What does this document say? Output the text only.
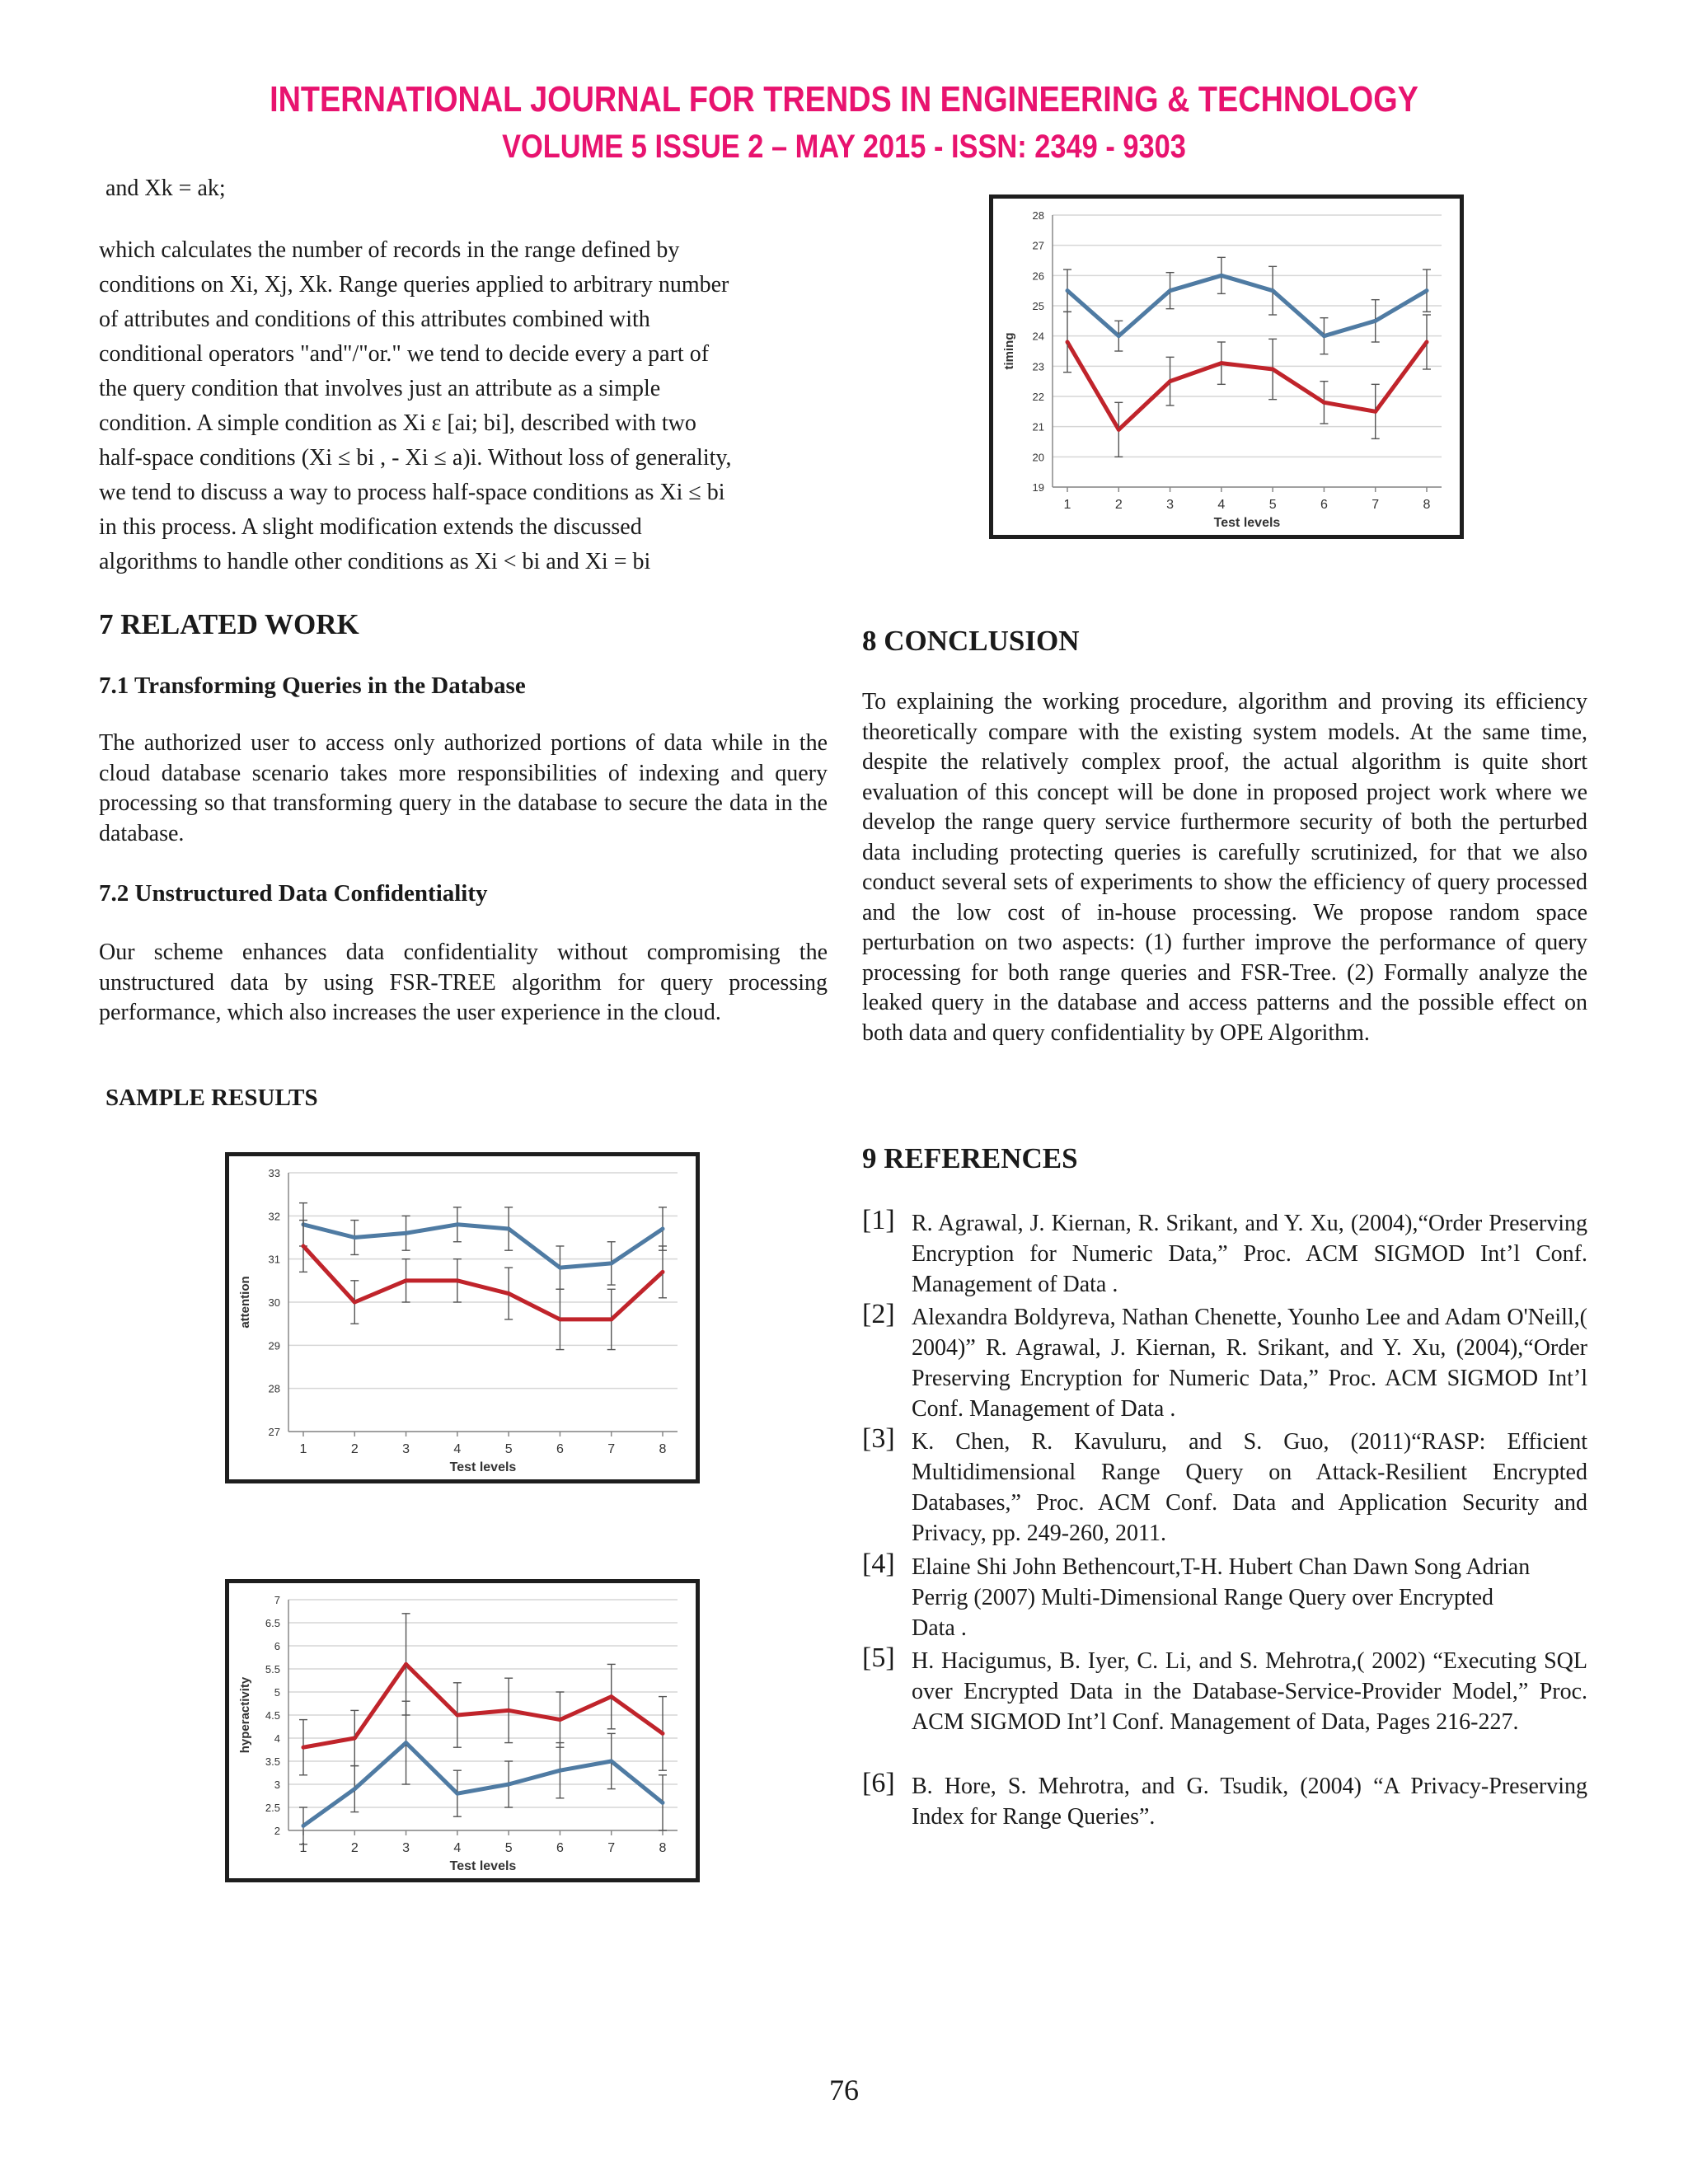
INTERNATIONAL JOURNAL FOR TRENDS IN ENGINEERING & TECHNOLOGY
VOLUME 5 ISSUE 2 – MAY 2015 - ISSN: 2349 - 9303
and Xk = ak;

which calculates the number of records in the range defined by

conditions on Xi, Xj, Xk. Range queries applied to arbitrary number

of attributes and conditions of this attributes combined with

conditional operators "and"/"or." we tend to decide every a part of

the query condition that involves just an attribute as a simple

condition. A simple condition as Xi ε [ai; bi], described with two

half-space conditions (Xi ≤ bi , - Xi ≤ a)i. Without loss of generality,

we tend to discuss a way to process half-space conditions as Xi ≤ bi

in this process. A slight modification extends the discussed

algorithms to handle other conditions as Xi < bi and Xi = bi

7 RELATED WORK
7.1 Transforming Queries in the Database
The authorized user to access only authorized portions of data while in the cloud database scenario takes more responsibilities of indexing and query processing so that transforming query in the database to secure the data in the database.
7.2 Unstructured Data Confidentiality
Our scheme enhances data confidentiality without compromising the unstructured data by using FSR-TREE algorithm for query processing performance, which also increases the user experience in the cloud.
SAMPLE RESULTS
19
20
21
22
23
24
25
26
27
28
1	2	3	4	5	6	7	8
Test levels
timing
27
28
29
30
31
32
33
1	2	3	4	5	6	7	8
Test levels
attention
2
2.5
3
3.5
4
4.5
5
5.5
6
6.5
7
1	2	3	4	5	6	7	8
Test levels
hyperactivity
8 CONCLUSION
To explaining the working procedure, algorithm and proving its efficiency theoretically compare with the existing system models. At the same time, despite the relatively complex proof, the actual algorithm is quite short evaluation of this concept will be done in proposed project work where we develop the range query service furthermore security of both the perturbed data including protecting queries is carefully scrutinized, for that we also conduct several sets of experiments to show the efficiency of query processed and the low cost of in-house processing. We propose random space perturbation on two aspects: (1) further improve the performance of query processing for both range queries and FSR-Tree. (2) Formally analyze the leaked query in the database and access patterns and the possible effect on both data and query confidentiality by OPE Algorithm.
9 REFERENCES
[1] R. Agrawal, J. Kiernan, R. Srikant, and Y. Xu, (2004),“Order Preserving Encryption for Numeric Data,” Proc. ACM SIGMOD Int’l Conf. Management of Data .
[2] Alexandra Boldyreva, Nathan Chenette, Younho Lee and Adam O'Neill,( 2004)” R. Agrawal, J. Kiernan, R. Srikant, and Y. Xu, (2004),“Order Preserving Encryption for Numeric Data,” Proc. ACM SIGMOD Int’l Conf. Management of Data .
[3] K. Chen, R. Kavuluru, and S. Guo, (2011)“RASP: Efficient Multidimensional Range Query on Attack-Resilient Encrypted Databases,” Proc. ACM Conf. Data and Application Security and Privacy, pp. 249-260, 2011.
[4] Elaine Shi John Bethencourt,T-H. Hubert Chan Dawn Song Adrian Perrig (2007) Multi-Dimensional Range Query over Encrypted Data .
[5] H. Hacigumus, B. Iyer, C. Li, and S. Mehrotra,( 2002) “Executing SQL over Encrypted Data in the Database-Service-Provider Model,” Proc. ACM SIGMOD Int’l Conf. Management of Data, Pages 216-227.
[6] B. Hore, S. Mehrotra, and G. Tsudik, (2004) “A Privacy-Preserving Index for Range Queries”.
76
